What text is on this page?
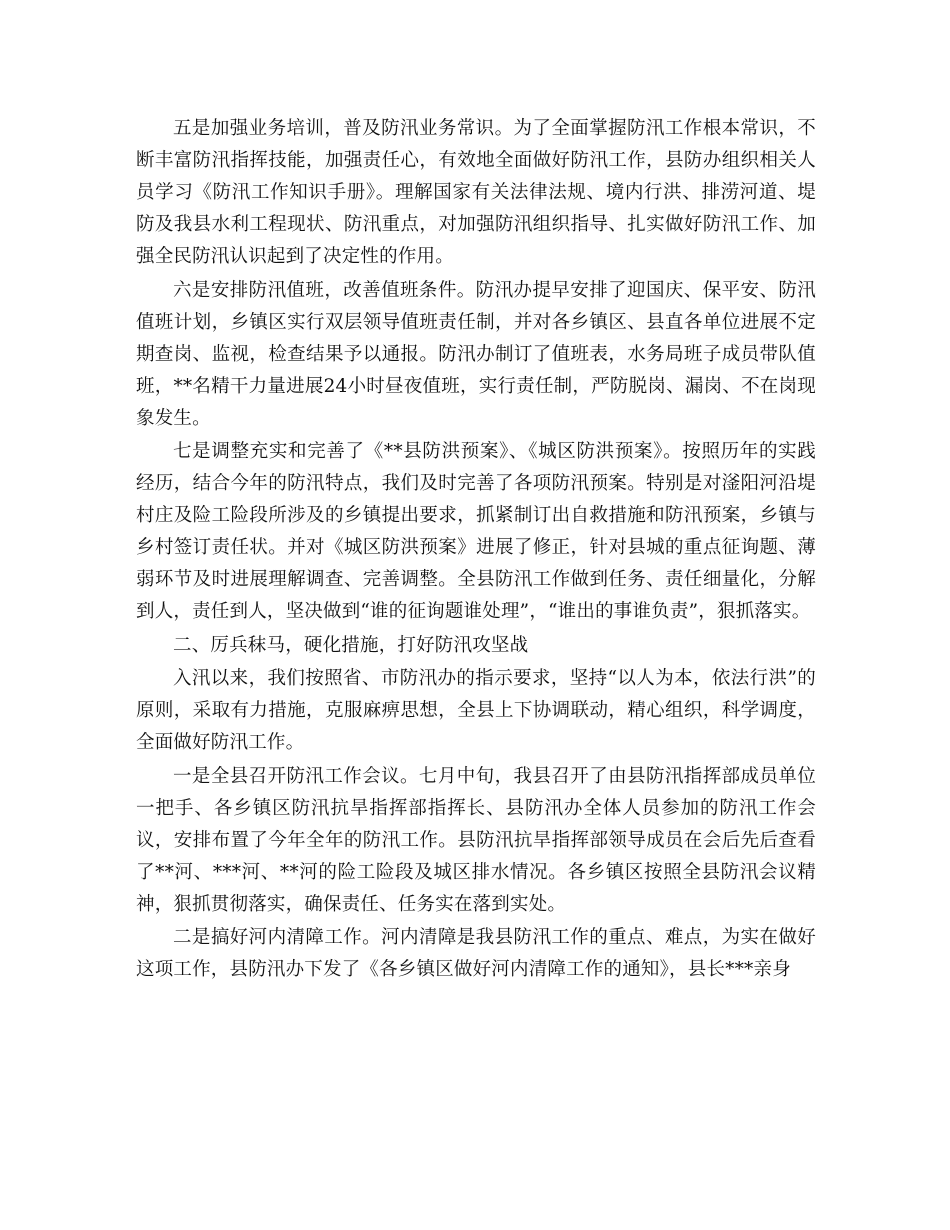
五是加强业务培训，普及防汛业务常识。为了全面掌握防汛工作根本常识，不断丰富防汛指挥技能，加强责任心，有效地全面做好防汛工作，县防办组织相关人员学习《防汛工作知识手册》。理解国家有关法律法规、境内行洪、排涝河道、堤防及我县水利工程现状、防汛重点，对加强防汛组织指导、扎实做好防汛工作、加强全民防汛认识起到了决定性的作用。

六是安排防汛值班，改善值班条件。防汛办提早安排了迎国庆、保平安、防汛值班计划，乡镇区实行双层领导值班责任制，并对各乡镇区、县直各单位进展不定期查岗、监视，检查结果予以通报。防汛办制订了值班表，水务局班子成员带队值班，**名精干力量进展24小时昼夜值班，实行责任制，严防脱岗、漏岗、不在岗现象发生。

七是调整充实和完善了《**县防洪预案》、《城区防洪预案》。按照历年的实践经历，结合今年的防汛特点，我们及时完善了各项防汛预案。特别是对滏阳河沿堤村庄及险工险段所涉及的乡镇提出要求，抓紧制订出自救措施和防汛预案，乡镇与乡村签订责任状。并对《城区防洪预案》进展了修正，针对县城的重点征询题、薄弱环节及时进展理解调查、完善调整。全县防汛工作做到任务、责任细量化，分解到人，责任到人，坚决做到“谁的征询题谁处理”，“谁出的事谁负责”，狠抓落实。

二、厉兵秣马，硬化措施，打好防汛攻坚战

入汛以来，我们按照省、市防汛办的指示要求，坚持“以人为本，依法行洪”的原则，采取有力措施，克服麻痹思想，全县上下协调联动，精心组织，科学调度，全面做好防汛工作。

一是全县召开防汛工作会议。七月中旬，我县召开了由县防汛指挥部成员单位一把手、各乡镇区防汛抗旱指挥部指挥长、县防汛办全体人员参加的防汛工作会议，安排布置了今年全年的防汛工作。县防汛抗旱指挥部领导成员在会后先后查看了**河、***河、**河的险工险段及城区排水情况。各乡镇区按照全县防汛会议精神，狠抓贯彻落实，确保责任、任务实在落到实处。

二是搞好河内清障工作。河内清障是我县防汛工作的重点、难点，为实在做好这项工作，县防汛办下发了《各乡镇区做好河内清障工作的通知》，县长***亲身
